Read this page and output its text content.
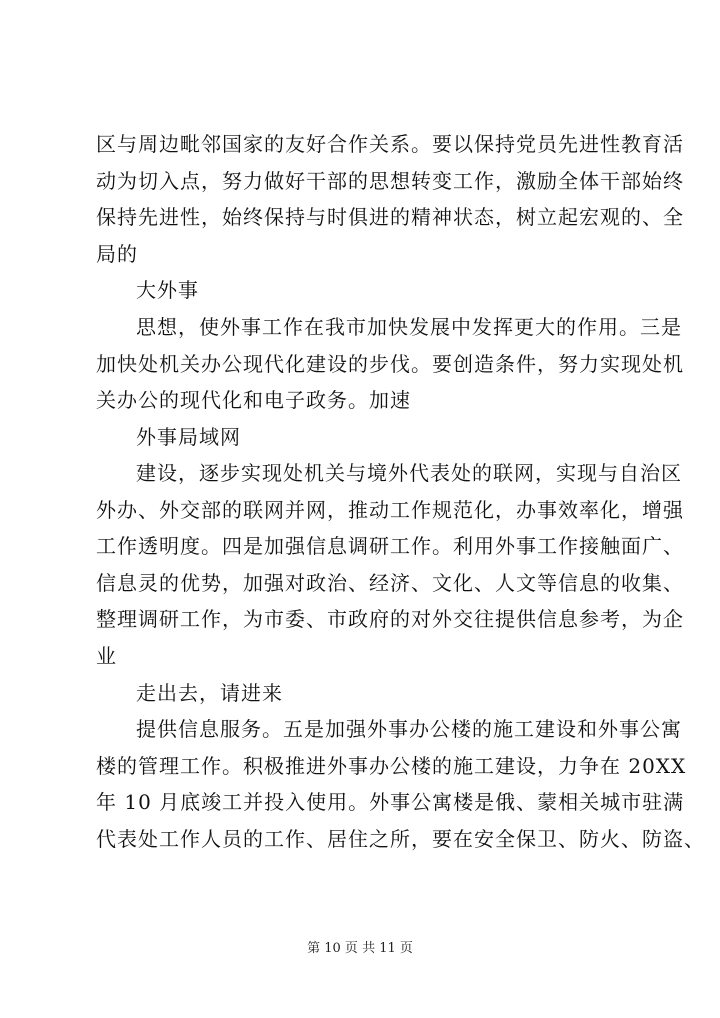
区与周边毗邻国家的友好合作关系。要以保持党员先进性教育活
动为切入点，努力做好干部的思想转变工作，激励全体干部始终
保持先进性，始终保持与时俱进的精神状态，树立起宏观的、全
局的
大外事
思想，使外事工作在我市加快发展中发挥更大的作用。三是
加快处机关办公现代化建设的步伐。要创造条件，努力实现处机
关办公的现代化和电子政务。加速
外事局域网
建设，逐步实现处机关与境外代表处的联网，实现与自治区
外办、外交部的联网并网，推动工作规范化，办事效率化，增强
工作透明度。四是加强信息调研工作。利用外事工作接触面广、
信息灵的优势，加强对政治、经济、文化、人文等信息的收集、
整理调研工作，为市委、市政府的对外交往提供信息参考，为企
业
走出去，请进来
提供信息服务。五是加强外事办公楼的施工建设和外事公寓
楼的管理工作。积极推进外事办公楼的施工建设，力争在 20XX
年 10 月底竣工并投入使用。外事公寓楼是俄、蒙相关城市驻满
代表处工作人员的工作、居住之所，要在安全保卫、防火、防盗、
第 10 页 共 11 页
